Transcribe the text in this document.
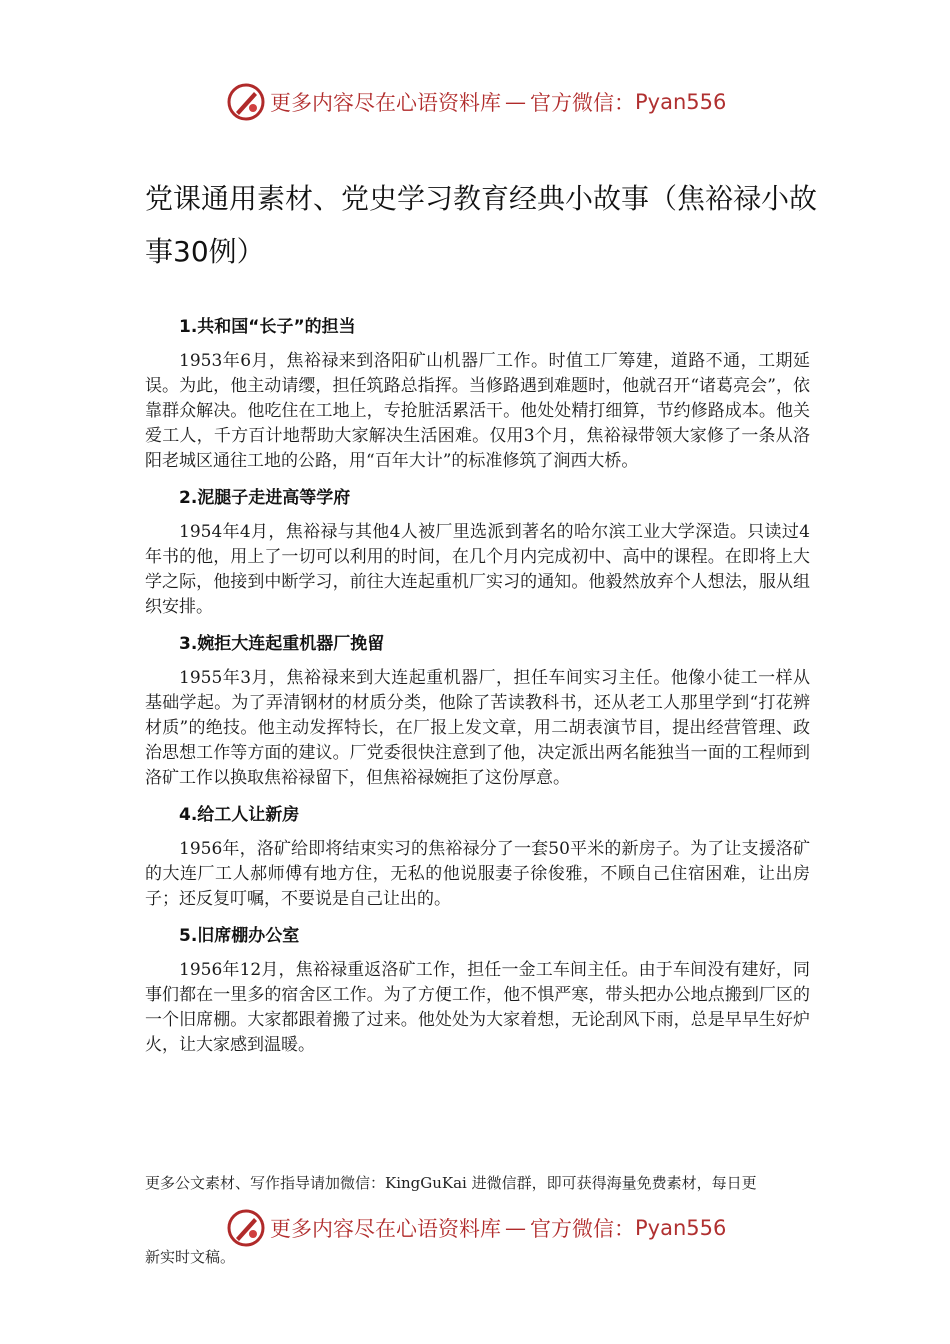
更多内容尽在心语资料库 — 官方微信： Pyan556
党课通用素材、党史学习教育经典小故事（焦裕禄小故事30例）
1.共和国“长子”的担当

1953年6月，焦裕禄来到洛阳矿山机器厂工作。时值工厂筹建，道路不通，工期延误。为此，他主动请缨，担任筑路总指挥。当修路遇到难题时，他就召开“诸葛亮会”，依靠群众解决。他吃住在工地上，专抢脏活累活干。他处处精打细算，节约修路成本。他关爱工人，千方百计地帮助大家解决生活困难。仅用3个月，焦裕禄带领大家修了一条从洛阳老城区通往工地的公路，用“百年大计”的标准修筑了涧西大桥。

2.泥腿子走进高等学府

1954年4月，焦裕禄与其他4人被厂里选派到著名的哈尔滨工业大学深造。只读过4年书的他，用上了一切可以利用的时间，在几个月内完成初中、高中的课程。在即将上大学之际，他接到中断学习，前往大连起重机厂实习的通知。他毅然放弃个人想法，服从组织安排。

3.婉拒大连起重机器厂挽留

1955年3月，焦裕禄来到大连起重机器厂，担任车间实习主任。他像小徒工一样从基础学起。为了弄清钢材的材质分类，他除了苦读教科书，还从老工人那里学到“打花辨材质”的绝技。他主动发挥特长，在厂报上发文章，用二胡表演节目，提出经营管理、政治思想工作等方面的建议。厂党委很快注意到了他，决定派出两名能独当一面的工程师到洛矿工作以换取焦裕禄留下，但焦裕禄婉拒了这份厚意。

4.给工人让新房

1956年，洛矿给即将结束实习的焦裕禄分了一套50平米的新房子。为了让支援洛矿的大连厂工人郝师傅有地方住，无私的他说服妻子徐俊雅，不顾自己住宿困难，让出房子；还反复叮嘱，不要说是自己让出的。

5.旧席棚办公室

1956年12月，焦裕禄重返洛矿工作，担任一金工车间主任。由于车间没有建好，同事们都在一里多的宿舍区工作。为了方便工作，他不惧严寒，带头把办公地点搬到厂区的一个旧席棚。大家都跟着搬了过来。他处处为大家着想，无论刮风下雨，总是早早生好炉火，让大家感到温暖。

更多公文素材、写作指导请加微信：KingGuKai 进微信群，即可获得海量免费素材，每日更
更多内容尽在心语资料库 — 官方微信： Pyan556
新实时文稿。
